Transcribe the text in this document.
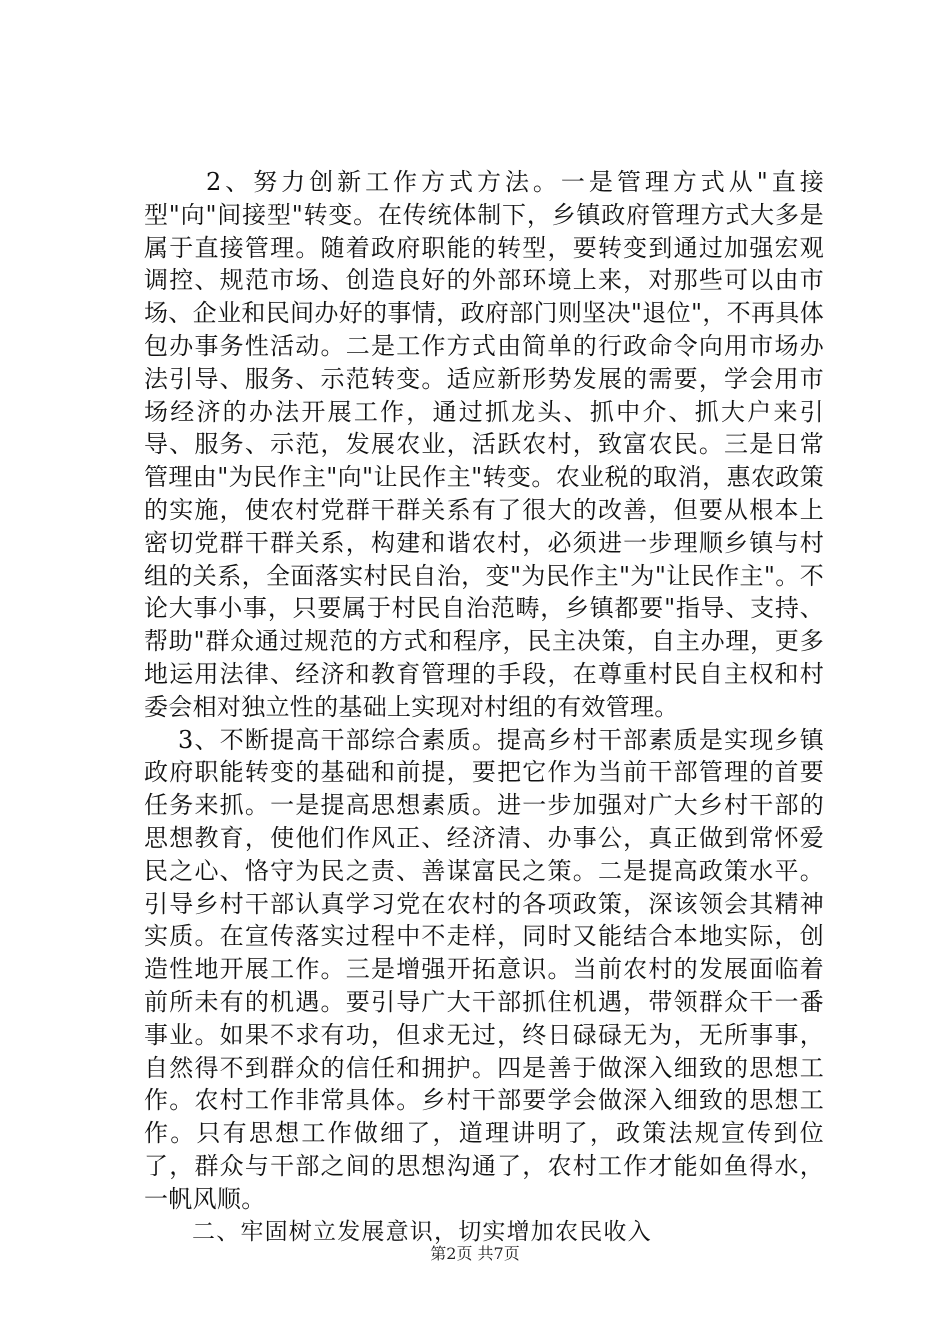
　2、努力创新工作方式方法。一是管理方式从"直接型"向"间接型"转变。在传统体制下，乡镇政府管理方式大多是属于直接管理。随着政府职能的转型，要转变到通过加强宏观调控、规范市场、创造良好的外部环境上来，对那些可以由市场、企业和民间办好的事情，政府部门则坚决"退位"，不再具体包办事务性活动。二是工作方式由简单的行政命令向用市场办法引导、服务、示范转变。适应新形势发展的需要，学会用市场经济的办法开展工作，通过抓龙头、抓中介、抓大户来引导、服务、示范，发展农业，活跃农村，致富农民。三是日常管理由"为民作主"向"让民作主"转变。农业税的取消，惠农政策的实施，使农村党群干群关系有了很大的改善，但要从根本上密切党群干群关系，构建和谐农村，必须进一步理顺乡镇与村组的关系，全面落实村民自治，变"为民作主"为"让民作主"。不论大事小事，只要属于村民自治范畴，乡镇都要"指导、支持、帮助"群众通过规范的方式和程序，民主决策，自主办理，更多地运用法律、经济和教育管理的手段，在尊重村民自主权和村委会相对独立性的基础上实现对村组的有效管理。

3、不断提高干部综合素质。提高乡村干部素质是实现乡镇政府职能转变的基础和前提，要把它作为当前干部管理的首要任务来抓。一是提高思想素质。进一步加强对广大乡村干部的思想教育，使他们作风正、经济清、办事公，真正做到常怀爱民之心、恪守为民之责、善谋富民之策。二是提高政策水平。引导乡村干部认真学习党在农村的各项政策，深该领会其精神实质。在宣传落实过程中不走样，同时又能结合本地实际，创造性地开展工作。三是增强开拓意识。当前农村的发展面临着前所未有的机遇。要引导广大干部抓住机遇，带领群众干一番事业。如果不求有功，但求无过，终日碌碌无为，无所事事，自然得不到群众的信任和拥护。四是善于做深入细致的思想工作。农村工作非常具体。乡村干部要学会做深入细致的思想工作。只有思想工作做细了，道理讲明了，政策法规宣传到位了，群众与干部之间的思想沟通了，农村工作才能如鱼得水，一帆风顺。

二、牢固树立发展意识，切实增加农民收入

第2页 共7页
